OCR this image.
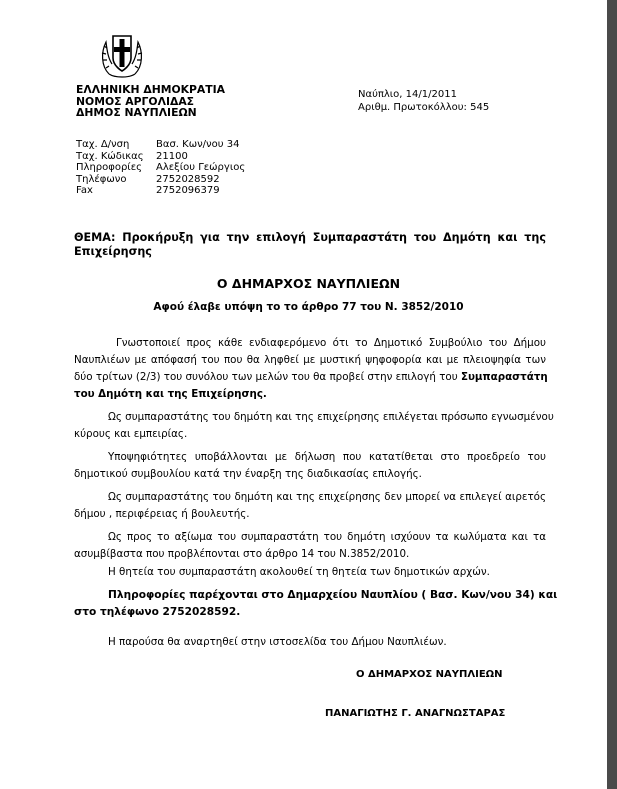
ΕΛΛΗΝΙΚΗ ΔΗΜΟΚΡΑΤΙΑ
ΝΟΜΟΣ ΑΡΓΟΛΙΔΑΣ
ΔΗΜΟΣ ΝΑΥΠΛΙΕΩΝ
Ναύπλιο, 14/1/2011
Αριθμ. Πρωτοκόλλου: 545
Ταχ. Δ/νση	Βασ. Κων/νου 34
Ταχ. Κώδικας 21100
Πληροφορίες Αλεξίου Γεώργιος
Τηλέφωνο	2752028592
Fax	2752096379
ΘΕΜΑ: Προκήρυξη για την επιλογή Συμπαραστάτη του Δημότη και της
Επιχείρησης
Ο ΔΗΜΑΡΧΟΣ ΝΑΥΠΛΙΕΩΝ
Αφού έλαβε υπόψη το το άρθρο 77 του Ν. 3852/2010
Γνωστοποιεί προς κάθε ενδιαφερόμενο ότι το Δημοτικό Συμβούλιο του Δήμου
Ναυπλιέων με απόφασή του που θα ληφθεί με μυστική ψηφοφορία και με πλειοψηφία των
δύο τρίτων (2/3) του συνόλου των μελών του θα προβεί στην επιλογή του Συμπαραστάτη
του Δημότη και της Επιχείρησης.
Ως συμπαραστάτης του δημότη και της επιχείρησης επιλέγεται πρόσωπο εγνωσμένου
κύρους και εμπειρίας.
Υποψηφιότητες υποβάλλονται με δήλωση που κατατίθεται στο προεδρείο του
δημοτικού συμβουλίου κατά την έναρξη της διαδικασίας επιλογής.
Ως συμπαραστάτης του δημότη και της επιχείρησης δεν μπορεί να επιλεγεί αιρετός
δήμου , περιφέρειας ή βουλευτής.
Ως προς το αξίωμα του συμπαραστάτη του δημότη ισχύουν τα κωλύματα και τα
ασυμβίβαστα που προβλέπονται στο άρθρο 14 του Ν.3852/2010.
Η θητεία του συμπαραστάτη ακολουθεί τη θητεία των δημοτικών αρχών.
Πληροφορίες παρέχονται στο Δημαρχείου Ναυπλίου ( Βασ. Κων/νου 34) και
στο τηλέφωνο 2752028592.
Η παρούσα θα αναρτηθεί στην ιστοσελίδα του Δήμου Ναυπλιέων.
Ο ΔΗΜΑΡΧΟΣ ΝΑΥΠΛΙΕΩΝ
ΠΑΝΑΓΙΩΤΗΣ Γ. ΑΝΑΓΝΩΣΤΑΡΑΣ
